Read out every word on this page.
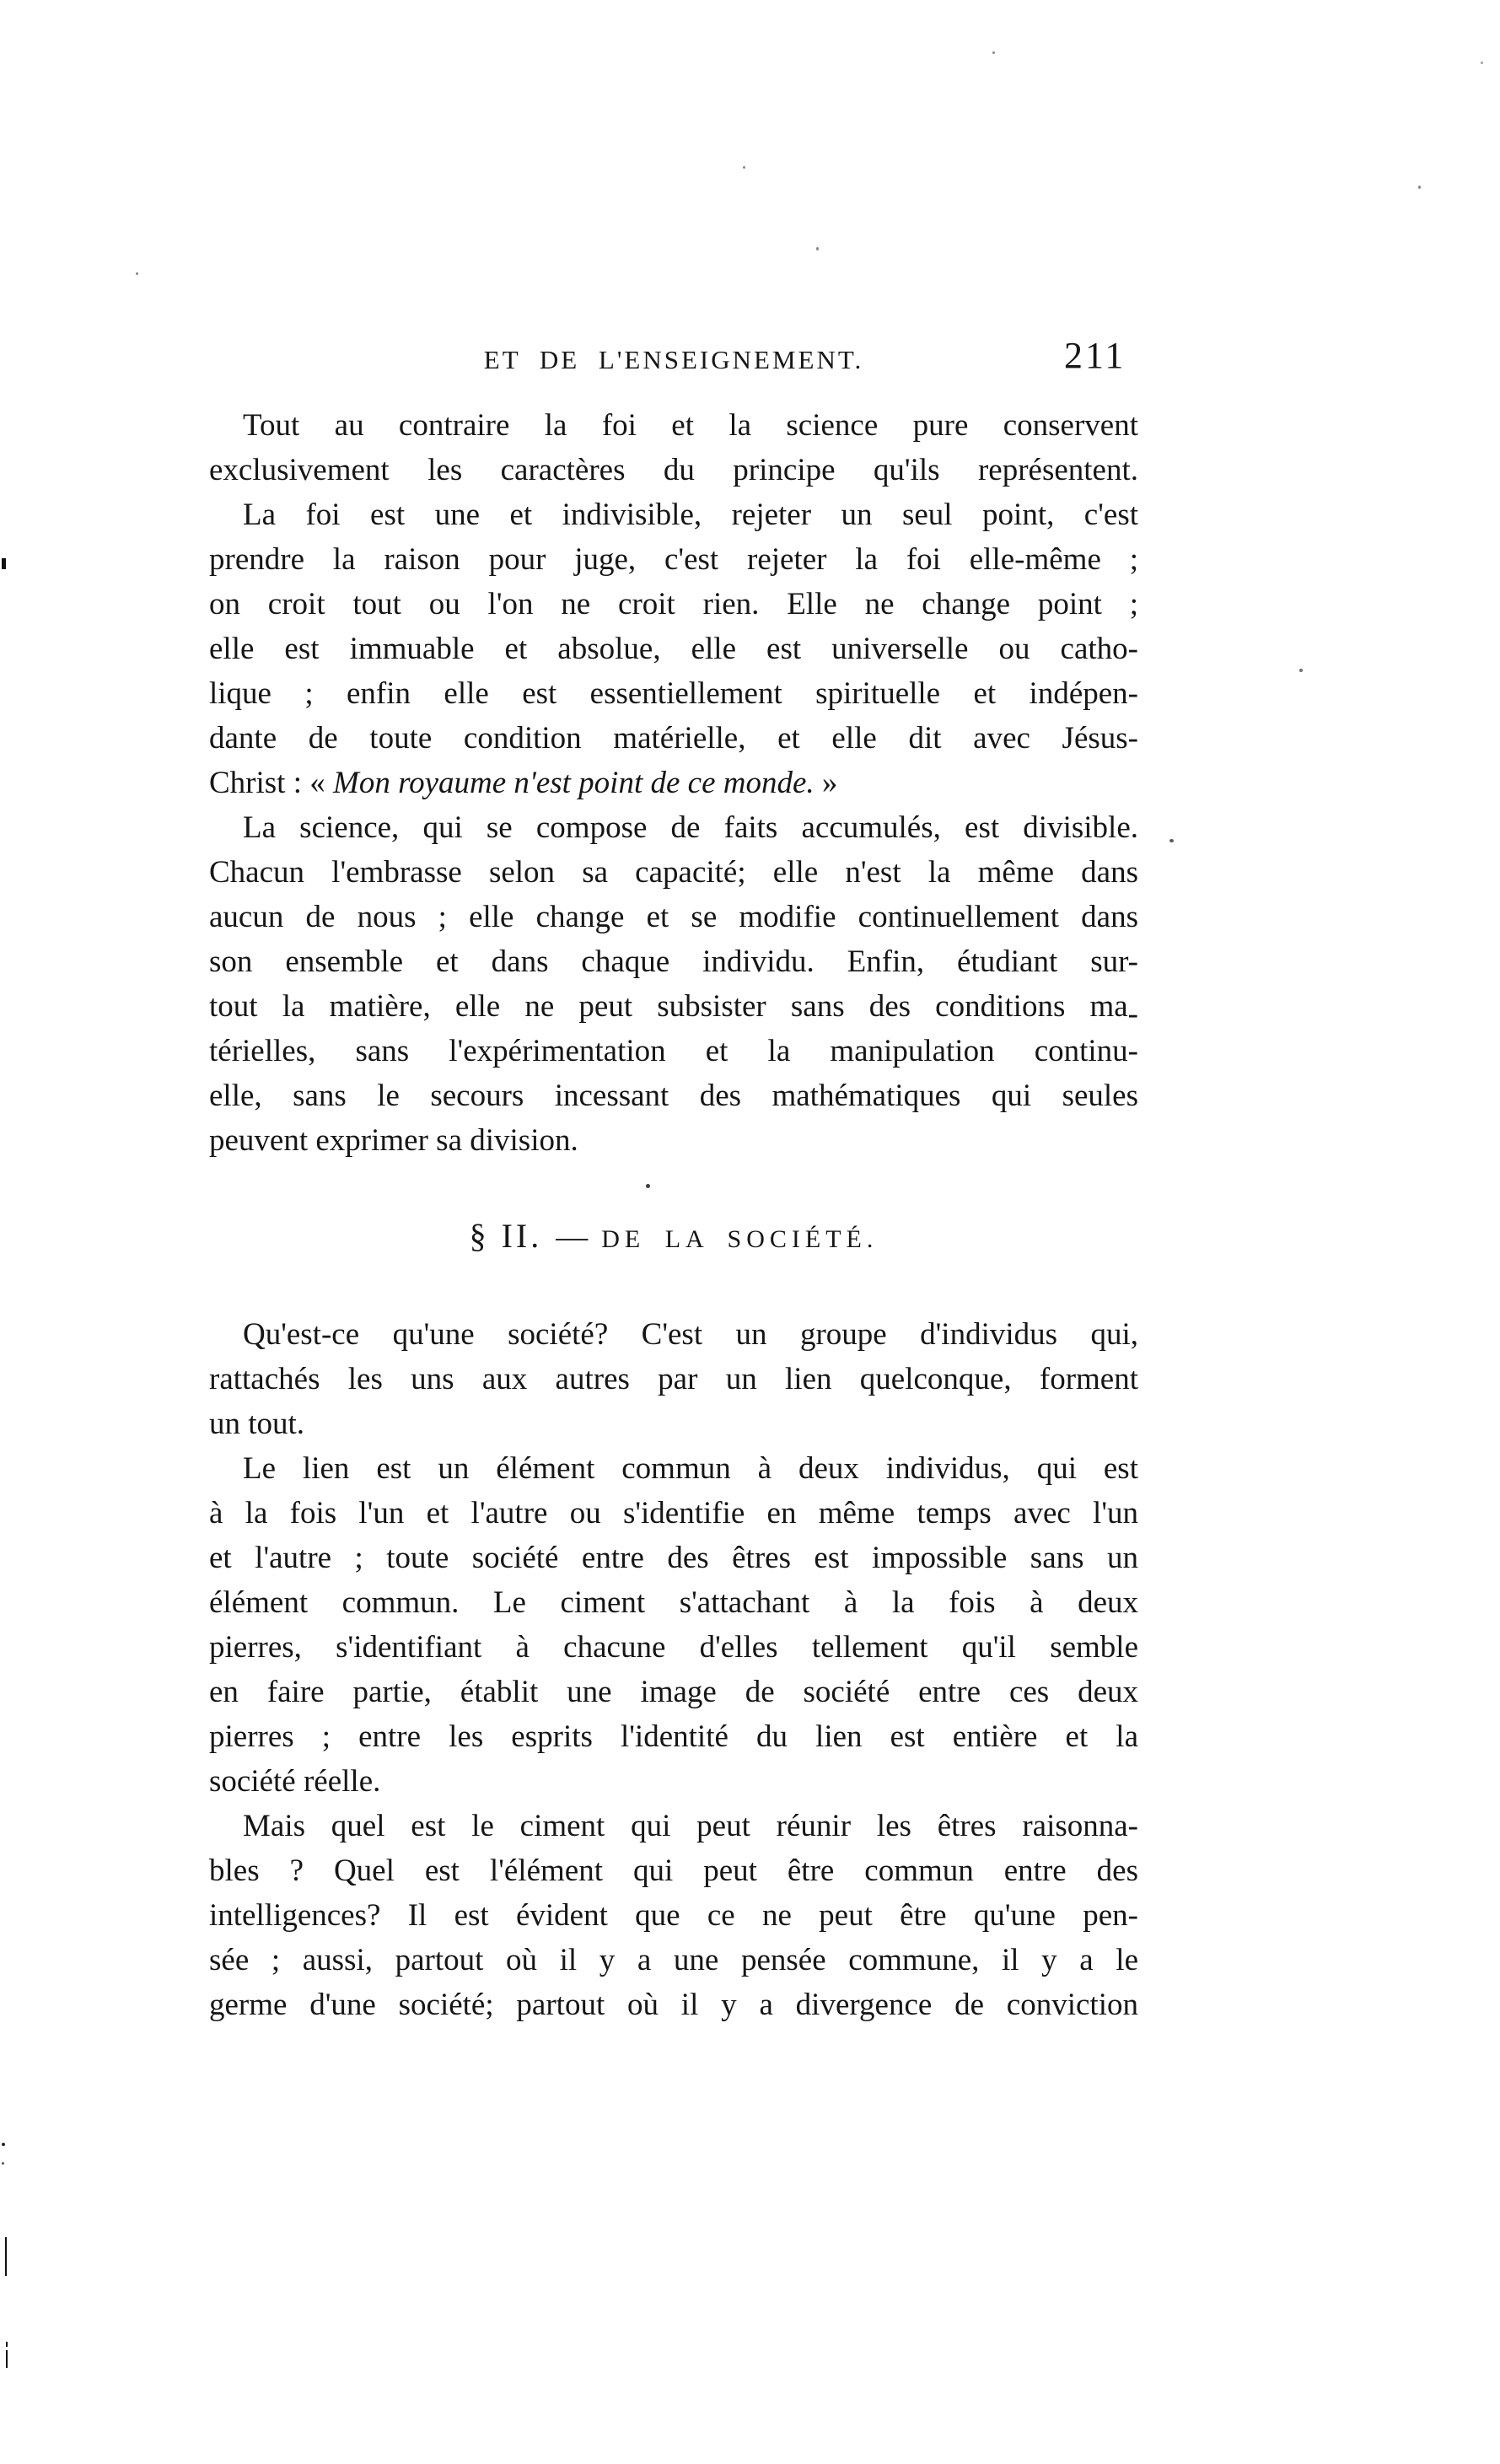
ET DE L'ENSEIGNEMENT.	211
Tout au contraire la foi et la science pure conservent
exclusivement les caractères du principe qu'ils représentent.
La foi est une et indivisible, rejeter un seul point, c'est
prendre la raison pour juge, c'est rejeter la foi elle-même ;
on croit tout ou l'on ne croit rien. Elle ne change point ;
elle est immuable et absolue, elle est universelle ou catho-
lique ; enfin elle est essentiellement spirituelle et indépen-
dante de toute condition matérielle, et elle dit avec Jésus-
Christ : « Mon royaume n'est point de ce monde. »
La science, qui se compose de faits accumulés, est divisible.
Chacun l'embrasse selon sa capacité; elle n'est la même dans
aucun de nous ; elle change et se modifie continuellement dans
son ensemble et dans chaque individu. Enfin, étudiant sur-
tout la matière, elle ne peut subsister sans des conditions ma-
térielles, sans l'expérimentation et la manipulation continu-
elle, sans le secours incessant des mathématiques qui seules
peuvent exprimer sa division.
§ II. — DE LA SOCIÉTÉ.
Qu'est-ce qu'une société? C'est un groupe d'individus qui,
rattachés les uns aux autres par un lien quelconque, forment
un tout.
Le lien est un élément commun à deux individus, qui est
à la fois l'un et l'autre ou s'identifie en même temps avec l'un
et l'autre ; toute société entre des êtres est impossible sans un
élément commun. Le ciment s'attachant à la fois à deux
pierres, s'identifiant à chacune d'elles tellement qu'il semble
en faire partie, établit une image de société entre ces deux
pierres ; entre les esprits l'identité du lien est entière et la
société réelle.
Mais quel est le ciment qui peut réunir les êtres raisonna-
bles ? Quel est l'élément qui peut être commun entre des
intelligences? Il est évident que ce ne peut être qu'une pen-
sée ; aussi, partout où il y a une pensée commune, il y a le
germe d'une société; partout où il y a divergence de conviction
